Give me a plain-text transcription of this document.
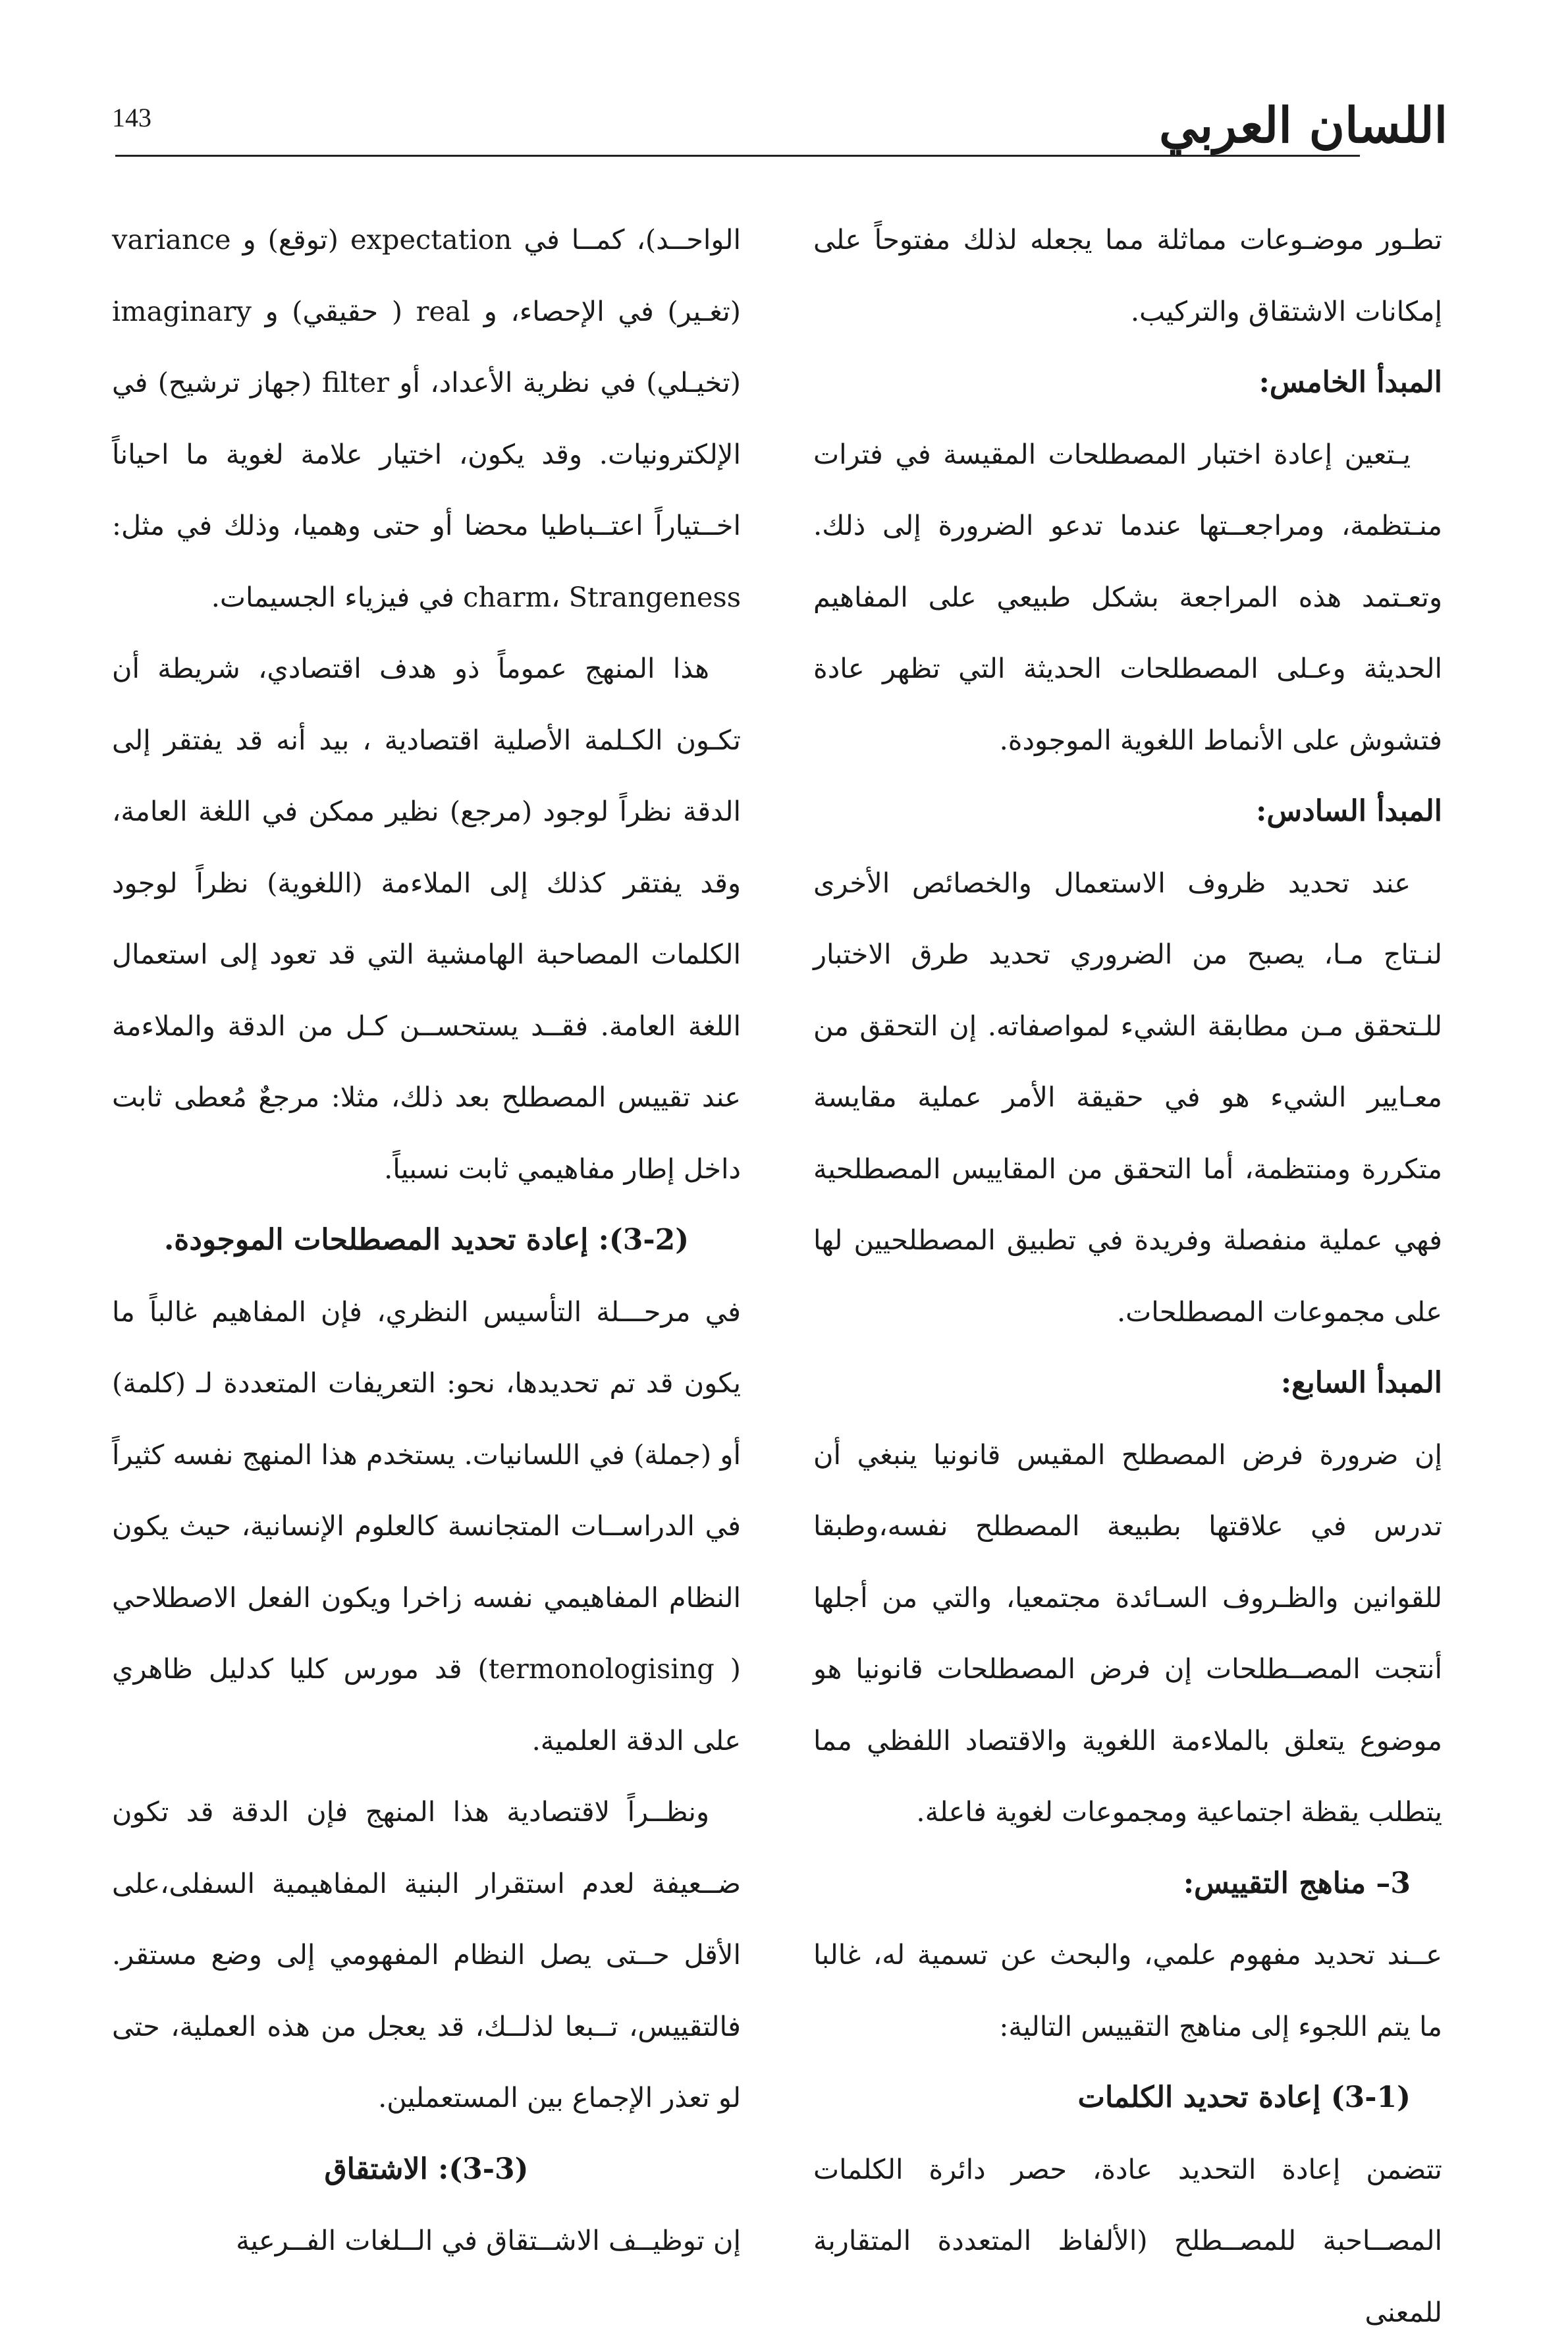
اللسان العربي
143

تطـور موضـوعات مماثلة مما يجعله لذلك مفتوحاً على إمكانات الاشتقاق والتركيب.

المبدأ الخامس:

يـتعين إعادة اختبار المصطلحات المقيسة في فترات منـتظمة، ومراجعــتها عندما تدعو الضرورة إلى ذلك. وتعـتمد هذه المراجعة بشكل طبيعي على المفاهيم الحديثة وعـلى المصطلحات الحديثة التي تظهر عادة فتشوش على الأنماط اللغوية الموجودة.

المبدأ السادس:

عند تحديد ظروف الاستعمال والخصائص الأخرى لنـتاج مـا، يصبح من الضروري تحديد طرق الاختبار للـتحقق مـن مطابقة الشيء لمواصفاته. إن التحقق من معـايير الشيء هو في حقيقة الأمر عملية مقايسة متكررة ومنتظمة، أما التحقق من المقاييس المصطلحية فهي عملية منفصلة وفريدة في تطبيق المصطلحيين لها على مجموعات المصطلحات.

المبدأ السابع:

إن ضرورة فرض المصطلح المقيس قانونيا ينبغي أن تدرس في علاقتها بطبيعة المصطلح نفسه،وطبقا للقوانين والظـروف السـائدة مجتمعيا، والتي من أجلها أنتجت المصــطلحات إن فرض المصطلحات قانونيا هو موضوع يتعلق بالملاءمة اللغوية والاقتصاد اللفظي مما يتطلب يقظة اجتماعية ومجموعات لغوية فاعلة.

3– مناهج التقييس:

عــند تحديد مفهوم علمي، والبحث عن تسمية له، غالبا ما يتم اللجوء إلى مناهج التقييس التالية:

(3-1) إعادة تحديد الكلمات

تتضمن إعادة التحديد عادة، حصر دائرة الكلمات المصــاحبة للمصــطلح (الألفاظ المتعددة المتقاربة للمعنى

الواحــد)، كمــا في expectation (توقع) و variance (تغـير) في الإحصاء، و real ( حقيقي) و imaginary (تخيـلي) في نظرية الأعداد، أو filter (جهاز ترشيح) في الإلكترونيات. وقد يكون، اختيار علامة لغوية ما احياناً اخــتياراً اعتــباطيا محضا أو حتى وهميا، وذلك في مثل: charm، Strangeness في فيزياء الجسيمات.

هذا المنهج عموماً ذو هدف اقتصادي، شريطة أن تكـون الكـلمة الأصلية اقتصادية ، بيد أنه قد يفتقر إلى الدقة نظراً لوجود (مرجع) نظير ممكن في اللغة العامة، وقد يفتقر كذلك إلى الملاءمة (اللغوية) نظراً لوجود الكلمات المصاحبة الهامشية التي قد تعود إلى استعمال اللغة العامة. فقــد يستحســن كـل من الدقة والملاءمة عند تقييس المصطلح بعد ذلك، مثلا: مرجعٌ مُعطى ثابت داخل إطار مفاهيمي ثابت نسبياً.

(3-2): إعادة تحديد المصطلحات الموجودة.

في مرحـــلة التأسيس النظري، فإن المفاهيم غالباً ما يكون قد تم تحديدها، نحو: التعريفات المتعددة لـ (كلمة) أو (جملة) في اللسانيات. يستخدم هذا المنهج نفسه كثيراً في الدراســات المتجانسة كالعلوم الإنسانية، حيث يكون النظام المفاهيمي نفسه زاخرا ويكون الفعل الاصطلاحي ( termonologising) قد مورس كليا كدليل ظاهري على الدقة العلمية.

ونظــراً لاقتصادية هذا المنهج فإن الدقة قد تكون ضــعيفة لعدم استقرار البنية المفاهيمية السفلى،على الأقل حــتى يصل النظام المفهومي إلى وضع مستقر. فالتقييس، تــبعا لذلــك، قد يعجل من هذه العملية، حتى لو تعذر الإجماع بين المستعملين.

(3-3): الاشتقاق

إن توظيــف الاشــتقاق في الــلغات الفــرعية
